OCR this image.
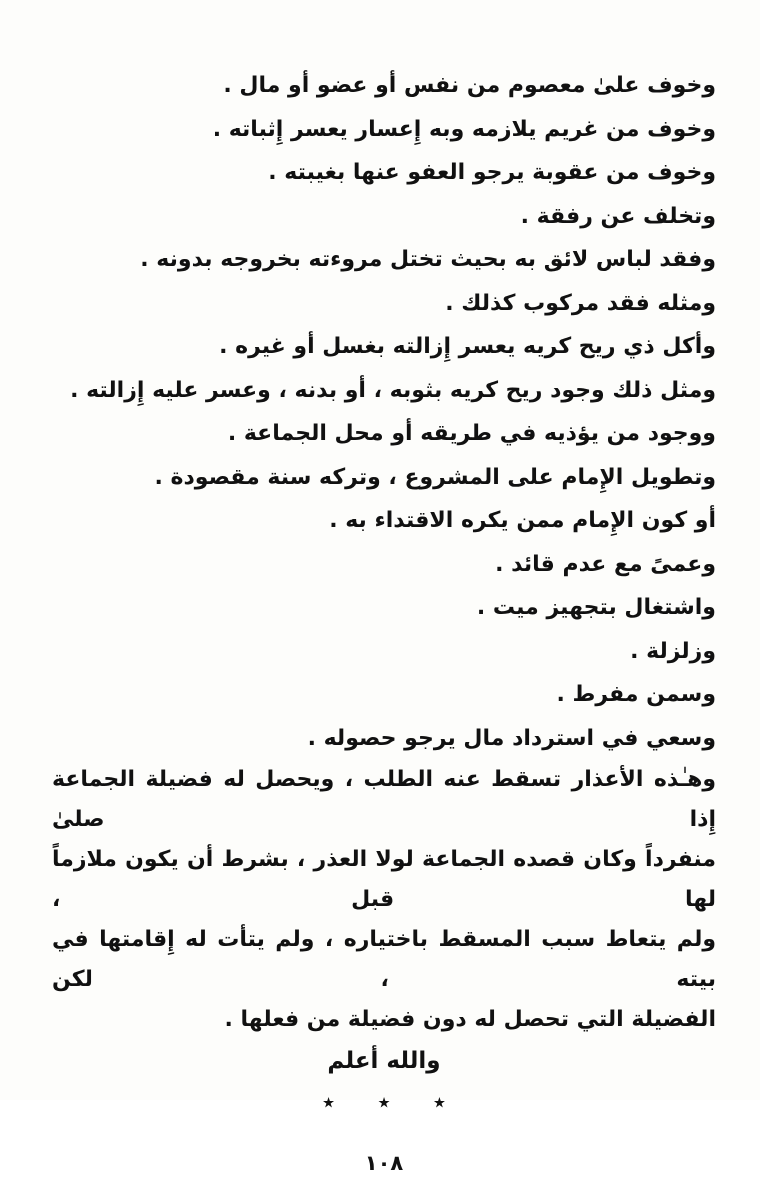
وخوف علىٰ معصوم من نفس أو عضو أو مال .

وخوف من غريم يلازمه وبه إِعسار يعسر إِثباته .

وخوف من عقوبة يرجو العفو عنها بغيبته .

وتخلف عن رفقة .

وفقد لباس لائق به بحيث تختل مروءته بخروجه بدونه .

ومثله فقد مركوب كذلك .

وأكل ذي ريح كريه يعسر إِزالته بغسل أو غيره .

ومثل ذلك وجود ريح كريه بثوبه ، أو بدنه ، وعسر عليه إِزالته .

ووجود من يؤذيه في طريقه أو محل الجماعة .

وتطويل الإِمام على المشروع ، وتركه سنة مقصودة .

أو كون الإِمام ممن يكره الاقتداء به .

وعمىً مع عدم قائد .

واشتغال بتجهيز ميت .

وزلزلة .

وسمن مفرط .

وسعي في استرداد مال يرجو حصوله .

وهـٰذه الأعذار تسقط عنه الطلب ، ويحصل له فضيلة الجماعة إِذا صلىٰ

منفرداً وكان قصده الجماعة لولا العذر ، بشرط أن يكون ملازماً لها قبل ،

ولم يتعاط سبب المسقط باختياره ، ولم يتأت له إِقامتها في بيته ، لكن

الفضيلة التي تحصل له دون فضيلة من فعلها .

والله أعلم

٭ ٭ ٭

١٠٨
